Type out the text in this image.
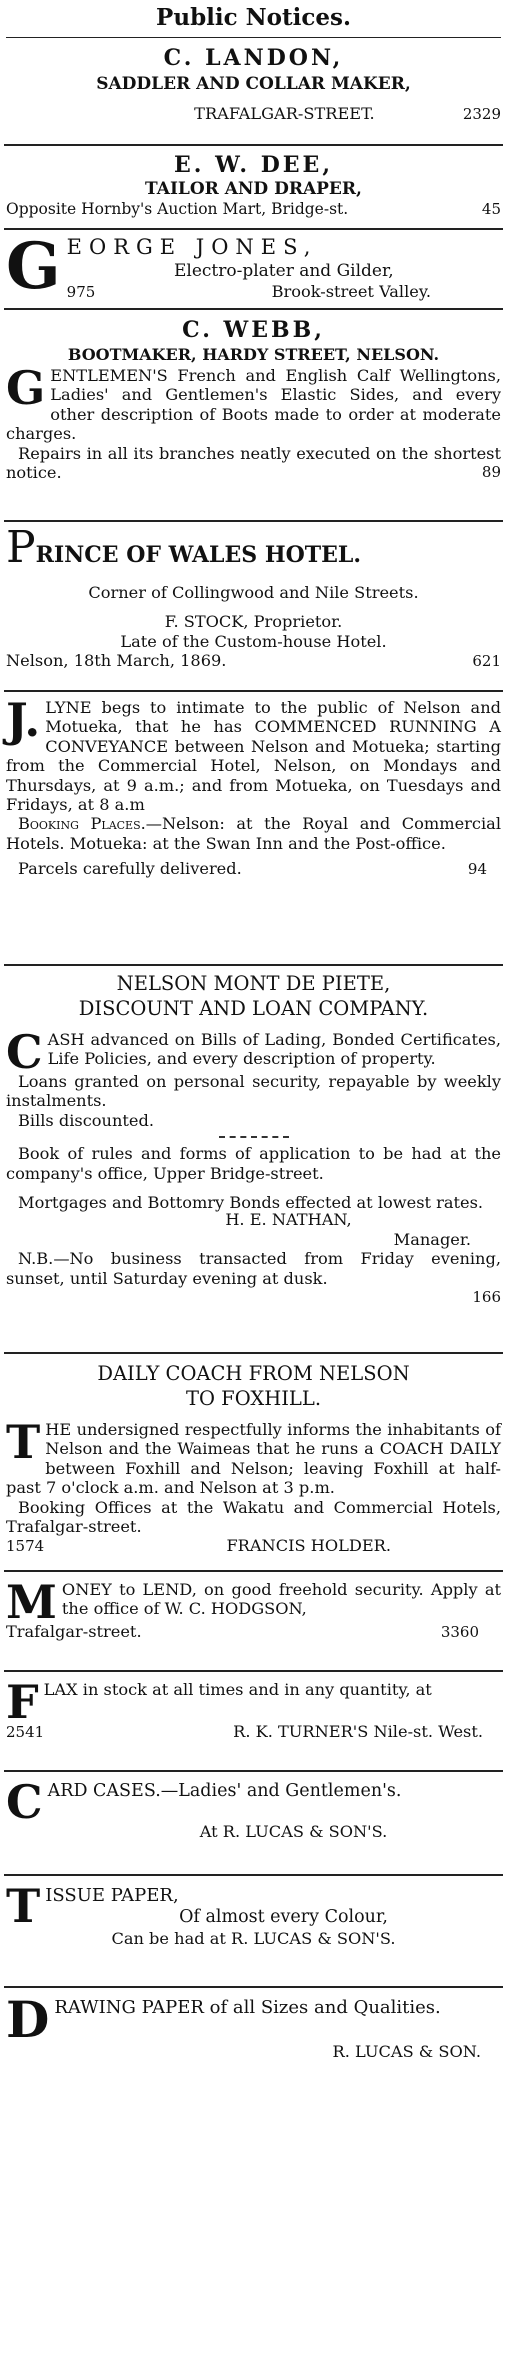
Public Notices.
C. LANDON,
SADDLER AND COLLAR MAKER,
TRAFALGAR-STREET.	2329
E. W. DEE,
TAILOR AND DRAPER,
Opposite Hornby's Auction Mart, Bridge-st.	45
G EORGE JONES,
Electro-plater and Gilder,
975	Brook-street Valley.
C. WEBB,
BOOTMAKER, HARDY STREET, NELSON.
G ENTLEMEN'S French and English Calf Wellingtons, Ladies' and Gentlemen's Elastic Sides, and every other description of Boots made to order at moderate charges.
Repairs in all its branches neatly executed on the shortest notice.	89
PRINCE OF WALES HOTEL.
Corner of Collingwood and Nile Streets.
F. STOCK, Proprietor.
Late of the Custom-house Hotel.
Nelson, 18th March, 1869.	621
J. LYNE begs to intimate to the public of Nelson and Motueka, that he has COMMENCED RUNNING A CONVEYANCE between Nelson and Motueka; starting from the Commercial Hotel, Nelson, on Mondays and Thursdays, at 9 a.m.; and from Motueka, on Tuesdays and Fridays, at 8 a.m
Booking Places.—Nelson: at the Royal and Commercial Hotels. Motueka: at the Swan Inn and the Post-office.
Parcels carefully delivered.	94
NELSON MONT DE PIETE,
DISCOUNT AND LOAN COMPANY.
C ASH advanced on Bills of Lading, Bonded Certificates, Life Policies, and every description of property.
Loans granted on personal security, repayable by weekly instalments.
Bills discounted.
Book of rules and forms of application to be had at the company's office, Upper Bridge-street.
Mortgages and Bottomry Bonds effected at lowest rates.
H. E. NATHAN,
Manager.
N.B.—No business transacted from Friday evening, sunset, until Saturday evening at dusk.
166
DAILY COACH FROM NELSON
TO FOXHILL.
T HE undersigned respectfully informs the inhabitants of Nelson and the Waimeas that he runs a COACH DAILY between Foxhill and Nelson; leaving Foxhill at half-past 7 o'clock a.m. and Nelson at 3 p.m.
Booking Offices at the Wakatu and Commercial Hotels, Trafalgar-street.
1574	FRANCIS HOLDER.
M ONEY to LEND, on good freehold security. Apply at the office of W. C. HODGSON,
Trafalgar-street.	3360
F LAX in stock at all times and in any quantity, at
2541	R. K. TURNER'S Nile-st. West.
C ARD CASES.—Ladies' and Gentlemen's.
At R. LUCAS & SON'S.
T ISSUE PAPER,
Of almost every Colour,
Can be had at R. LUCAS & SON'S.
D RAWING PAPER of all Sizes and Qualities.
R. LUCAS & SON.
